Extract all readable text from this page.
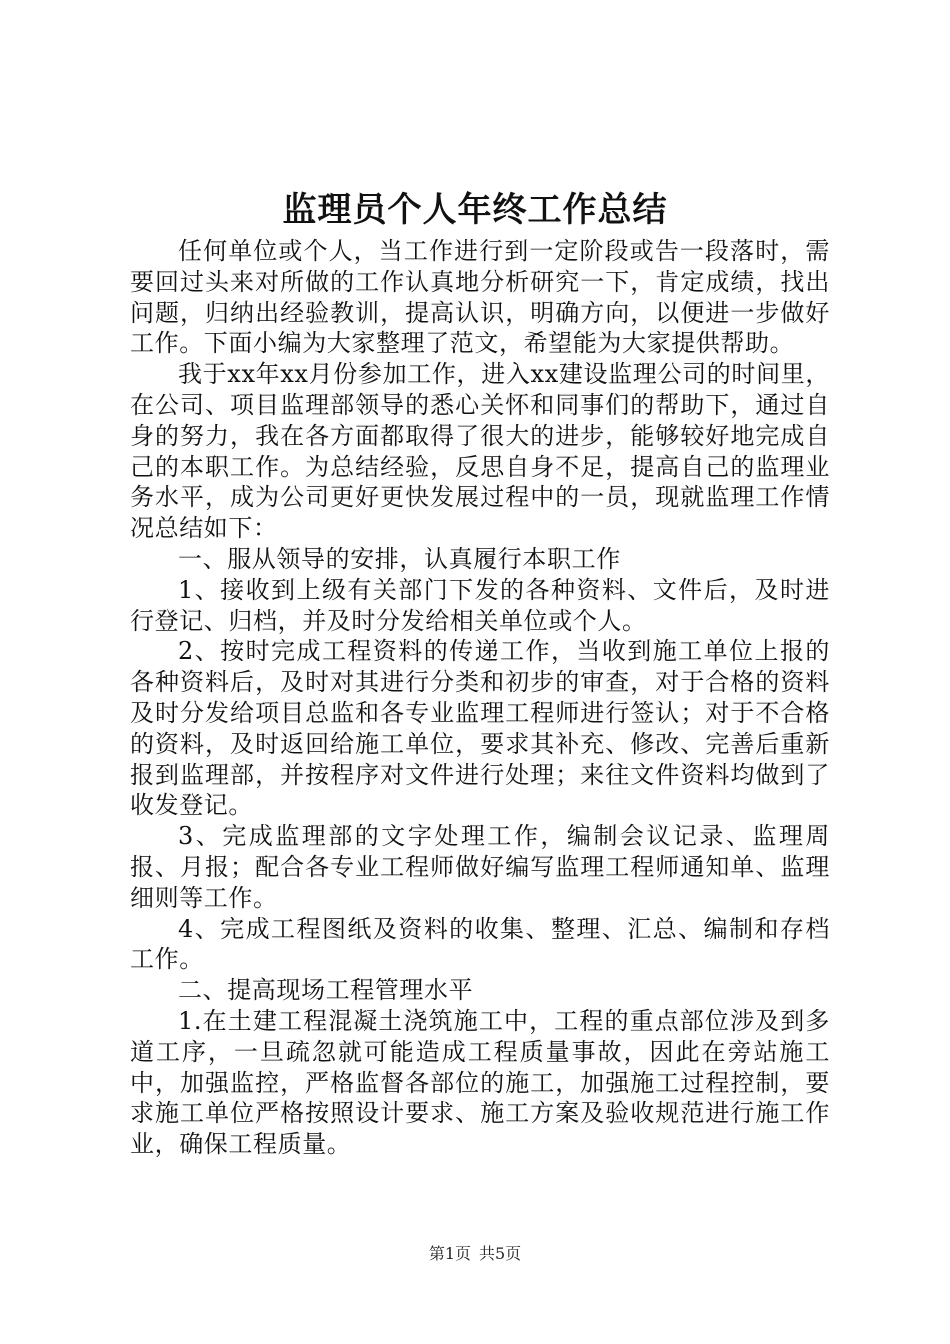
监理员个人年终工作总结

任何单位或个人，当工作进行到一定阶段或告一段落时，需要回过头来对所做的工作认真地分析研究一下，肯定成绩，找出问题，归纳出经验教训，提高认识，明确方向，以便进一步做好工作。下面小编为大家整理了范文，希望能为大家提供帮助。

我于xx年xx月份参加工作，进入xx建设监理公司的时间里，在公司、项目监理部领导的悉心关怀和同事们的帮助下，通过自身的努力，我在各方面都取得了很大的进步，能够较好地完成自己的本职工作。为总结经验，反思自身不足，提高自己的监理业务水平，成为公司更好更快发展过程中的一员，现就监理工作情况总结如下：

一、服从领导的安排，认真履行本职工作

1、接收到上级有关部门下发的各种资料、文件后，及时进行登记、归档，并及时分发给相关单位或个人。

2、按时完成工程资料的传递工作，当收到施工单位上报的各种资料后，及时对其进行分类和初步的审查，对于合格的资料及时分发给项目总监和各专业监理工程师进行签认；对于不合格的资料，及时返回给施工单位，要求其补充、修改、完善后重新报到监理部，并按程序对文件进行处理；来往文件资料均做到了收发登记。

3、完成监理部的文字处理工作，编制会议记录、监理周报、月报；配合各专业工程师做好编写监理工程师通知单、监理细则等工作。

4、完成工程图纸及资料的收集、整理、汇总、编制和存档工作。

二、提高现场工程管理水平

1.在土建工程混凝土浇筑施工中，工程的重点部位涉及到多道工序，一旦疏忽就可能造成工程质量事故，因此在旁站施工中，加强监控，严格监督各部位的施工，加强施工过程控制，要求施工单位严格按照设计要求、施工方案及验收规范进行施工作业，确保工程质量。

第1页 共5页
